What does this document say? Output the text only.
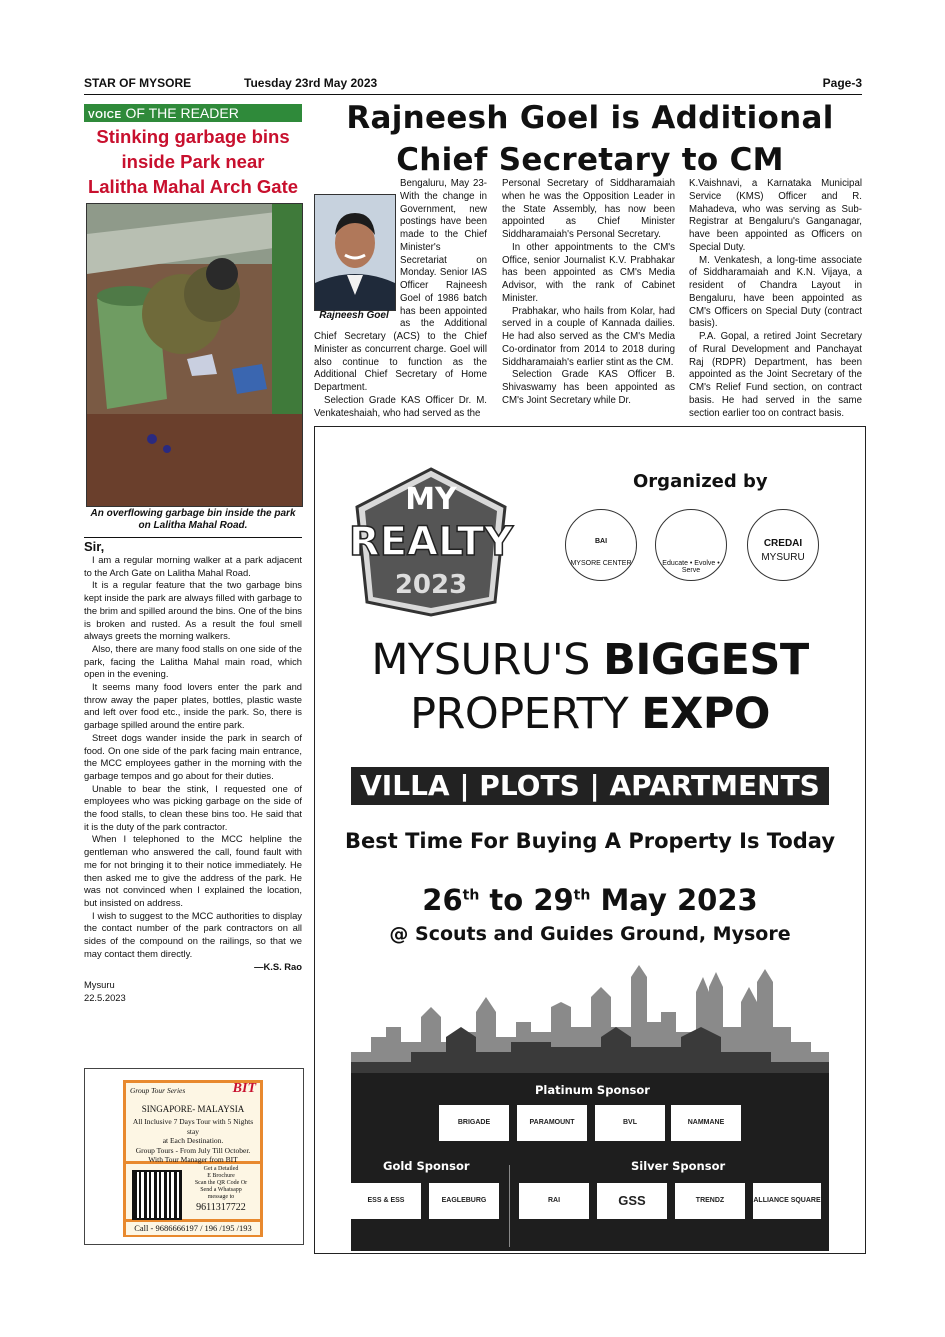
STAR OF MYSORE	Tuesday 23rd May 2023	Page-3
VOICE OF THE READER
Stinking garbage bins
inside Park near
Lalitha Mahal Arch Gate
An overflowing garbage bin inside the park on Lalitha Mahal Road.

Sir,

I am a regular morning walker at a park adjacent to the Arch Gate on Lalitha Mahal Road.

It is a regular feature that the two garbage bins kept inside the park are always filled with garbage to the brim and spilled around the bins. One of the bins is broken and rusted. As a result the foul smell always greets the morning walkers.

Also, there are many food stalls on one side of the park, facing the Lalitha Mahal main road, which open in the evening.

It seems many food lovers enter the park and throw away the paper plates, bottles, plastic waste and left over food etc., inside the park. So, there is garbage spilled around the entire park.

Street dogs wander inside the park in search of food. On one side of the park facing main entrance, the MCC employees gather in the morning with the garbage tempos and go about for their duties.

Unable to bear the stink, I requested one of employees who was picking garbage on the side of the food stalls, to clean these bins too. He said that it is the duty of the park contractor.

When I telephoned to the MCC helpline the gentleman who answered the call, found fault with me for not bringing it to their notice immediately. He then asked me to give the address of the park. He was not convinced when I explained the location, but insisted on address.

I wish to suggest to the MCC authorities to display the contact number of the park contractors on all sides of the compound on the railings, so that we may contact them directly.

—K.S. Rao

Mysuru

22.5.2023

Group Tour Series	BIT
SINGAPORE- MALAYSIA
All Inclusive 7 Days Tour with 5 Nights stay
at Each Destination.
Group Tours - From July Till October.
With Tour Manager from BIT
Get a Detailed
E Brochure
Scan the QR Code Or
Send a Whatsapp
message to
9611317722
Call - 9686666197 / 196 /195 /193
Rajneesh Goel is Additional
Chief Secretary to CM
Rajneesh Goel

Bengaluru, May 23- With the change in Government, new postings have been made to the Chief Minister's Secretariat on Monday. Senior IAS Officer Rajneesh Goel of 1986 batch has been appointed as the Additional Chief Secretary (ACS) to the Chief Minister as concurrent charge. Goel will also continue to function as the Additional Chief Secretary of Home Department.

Selection Grade KAS Officer Dr. M. Venkateshaiah, who had served as the

Personal Secretary of Siddharamaiah when he was the Opposition Leader in the State Assembly, has now been appointed as Chief Minister Siddharamaiah's Personal Secretary.

In other appointments to the CM's Office, senior Journalist K.V. Prabhakar has been appointed as CM's Media Advisor, with the rank of Cabinet Minister.

Prabhakar, who hails from Kolar, had served in a couple of Kannada dailies. He had also served as the CM's Media Co-ordinator from 2014 to 2018 during Siddharamaiah's earlier stint as the CM.

Selection Grade KAS Officer B. Shivaswamy has been appointed as CM's Joint Secretary while Dr.

K.Vaishnavi, a Karnataka Municipal Service (KMS) Officer and R. Mahadeva, who was serving as Sub-Registrar at Bengaluru's Ganganagar, have been appointed as Officers on Special Duty.

M. Venkatesh, a long-time associate of Siddharamaiah and K.N. Vijaya, a resident of Chandra Layout in Bengaluru, have been appointed as CM's Officers on Special Duty (contract basis).

P.A. Gopal, a retired Joint Secretary of Rural Development and Panchayat Raj (RDPR) Department, has been appointed as the Joint Secretary of the CM's Relief Fund section, on contract basis. He had served in the same section earlier too on contract basis.

MY
REALTY
2023
Organized by
BAI
MYSORE CENTER	Educate • Evolve • Serve
CREDAI
MYSURU
MYSURU'S BIGGEST
PROPERTY EXPO
VILLA | PLOTS | APARTMENTS
Best Time For Buying A Property Is Today
26th to 29th May 2023
@ Scouts and Guides Ground, Mysore
Platinum Sponsor
BRIGADE	PARAMOUNT	BVL	NAMMANE
Gold Sponsor
ESS & ESS	EAGLEBURG
Silver Sponsor
RAI	GSS	TRENDZ	ALLIANCE SQUARE
